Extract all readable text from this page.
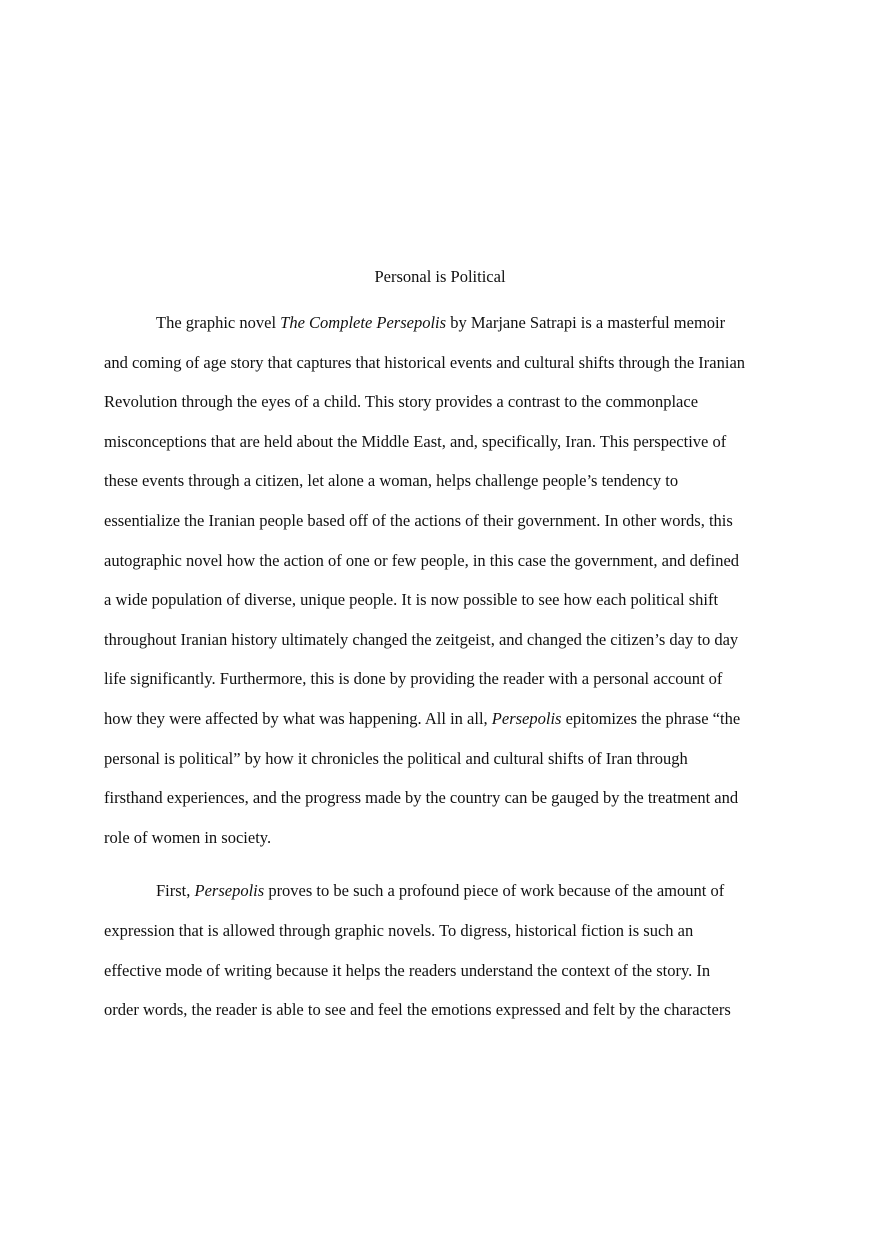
Personal is Political
The graphic novel The Complete Persepolis by Marjane Satrapi is a masterful memoir
and coming of age story that captures that historical events and cultural shifts through the Iranian
Revolution through the eyes of a child. This story provides a contrast to the commonplace
misconceptions that are held about the Middle East, and, specifically, Iran. This perspective of
these events through a citizen, let alone a woman, helps challenge people’s tendency to
essentialize the Iranian people based off of the actions of their government. In other words, this
autographic novel how the action of one or few people, in this case the government, and defined
a wide population of diverse, unique people. It is now possible to see how each political shift
throughout Iranian history ultimately changed the zeitgeist, and changed the citizen’s day to day
life significantly. Furthermore, this is done by providing the reader with a personal account of
how they were affected by what was happening. All in all, Persepolis epitomizes the phrase “the
personal is political” by how it chronicles the political and cultural shifts of Iran through
firsthand experiences, and the progress made by the country can be gauged by the treatment and
role of women in society.
First, Persepolis proves to be such a profound piece of work because of the amount of
expression that is allowed through graphic novels. To digress, historical fiction is such an
effective mode of writing because it helps the readers understand the context of the story. In
order words, the reader is able to see and feel the emotions expressed and felt by the characters
